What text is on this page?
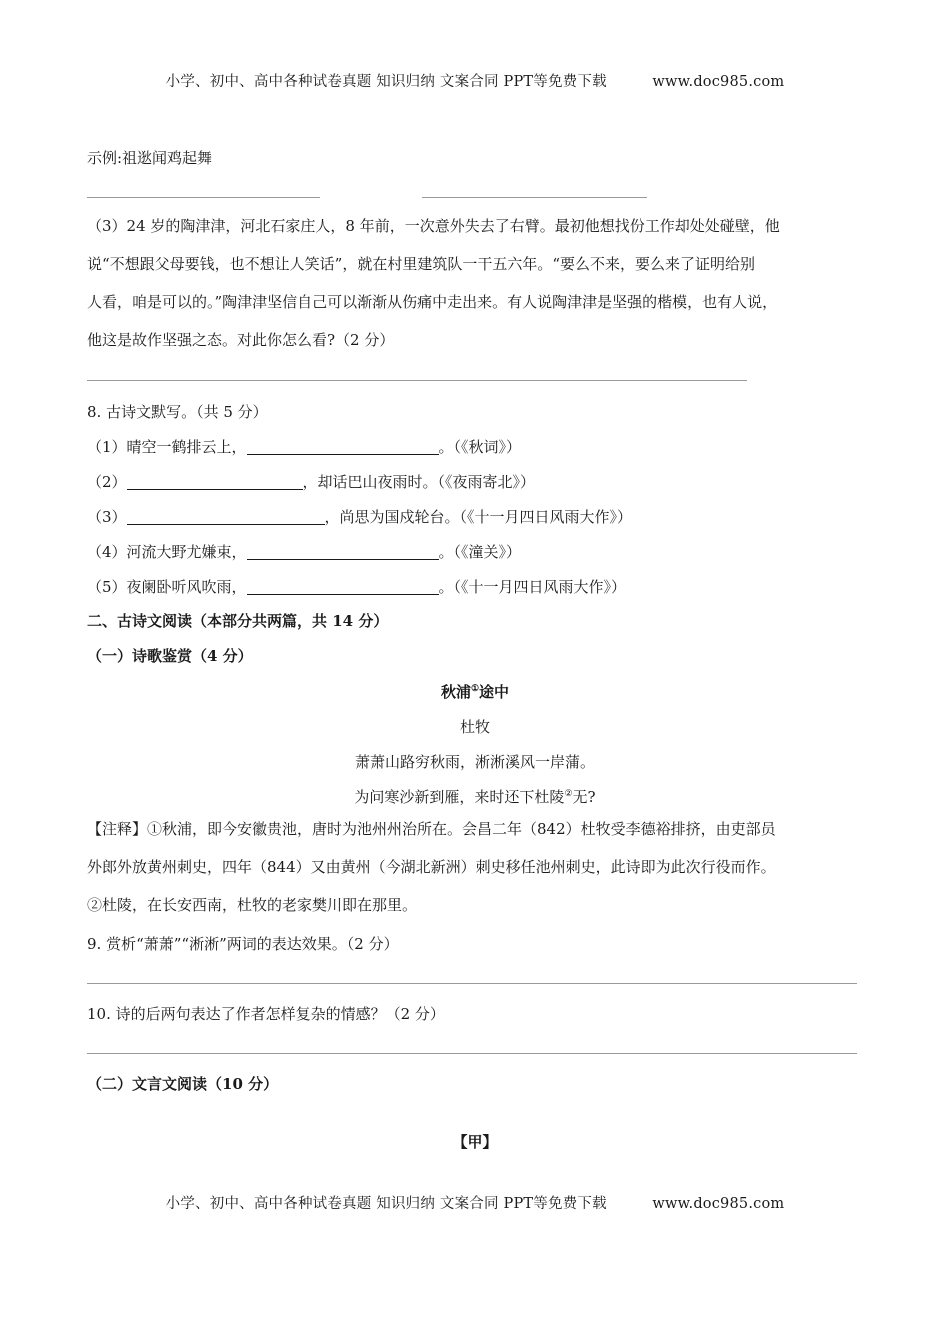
小学、初中、高中各种试卷真题 知识归纳 文案合同 PPT等免费下载	www.doc985.com
示例:祖逖闻鸡起舞
（3）24 岁的陶津津，河北石家庄人，8 年前，一次意外失去了右臂。最初他想找份工作却处处碰壁，他
说“不想跟父母要钱，也不想让人笑话”，就在村里建筑队一干五六年。“要么不来，要么来了证明给别
人看，咱是可以的。”陶津津坚信自己可以渐渐从伤痛中走出来。有人说陶津津是坚强的楷模，也有人说，
他这是故作坚强之态。对此你怎么看?（2 分）
8. 古诗文默写。（共 5 分）
（1）晴空一鹤排云上，	。（《秋词》）
（2）	，却话巴山夜雨时。（《夜雨寄北》）
（3）	，尚思为国戍轮台。（《十一月四日风雨大作》）
（4）河流大野尤嫌束，	。（《潼关》）
（5）夜阑卧听风吹雨，	。（《十一月四日风雨大作》）
二、古诗文阅读（本部分共两篇，共 14 分）
（一）诗歌鉴赏（4 分）
秋浦①途中
杜牧
萧萧山路穷秋雨，淅淅溪风一岸蒲。
为问寒沙新到雁，来时还下杜陵②无?
【注释】①秋浦，即今安徽贵池，唐时为池州州治所在。会昌二年（842）杜牧受李德裕排挤，由吏部员
外郎外放黄州刺史，四年（844）又由黄州（今湖北新洲）刺史移任池州刺史，此诗即为此次行役而作。
②杜陵，在长安西南，杜牧的老家樊川即在那里。
9. 赏析“萧萧”“淅淅”两词的表达效果。（2 分）
10. 诗的后两句表达了作者怎样复杂的情感？（2 分）
（二）文言文阅读（10 分）
【甲】
小学、初中、高中各种试卷真题 知识归纳 文案合同 PPT等免费下载	www.doc985.com
